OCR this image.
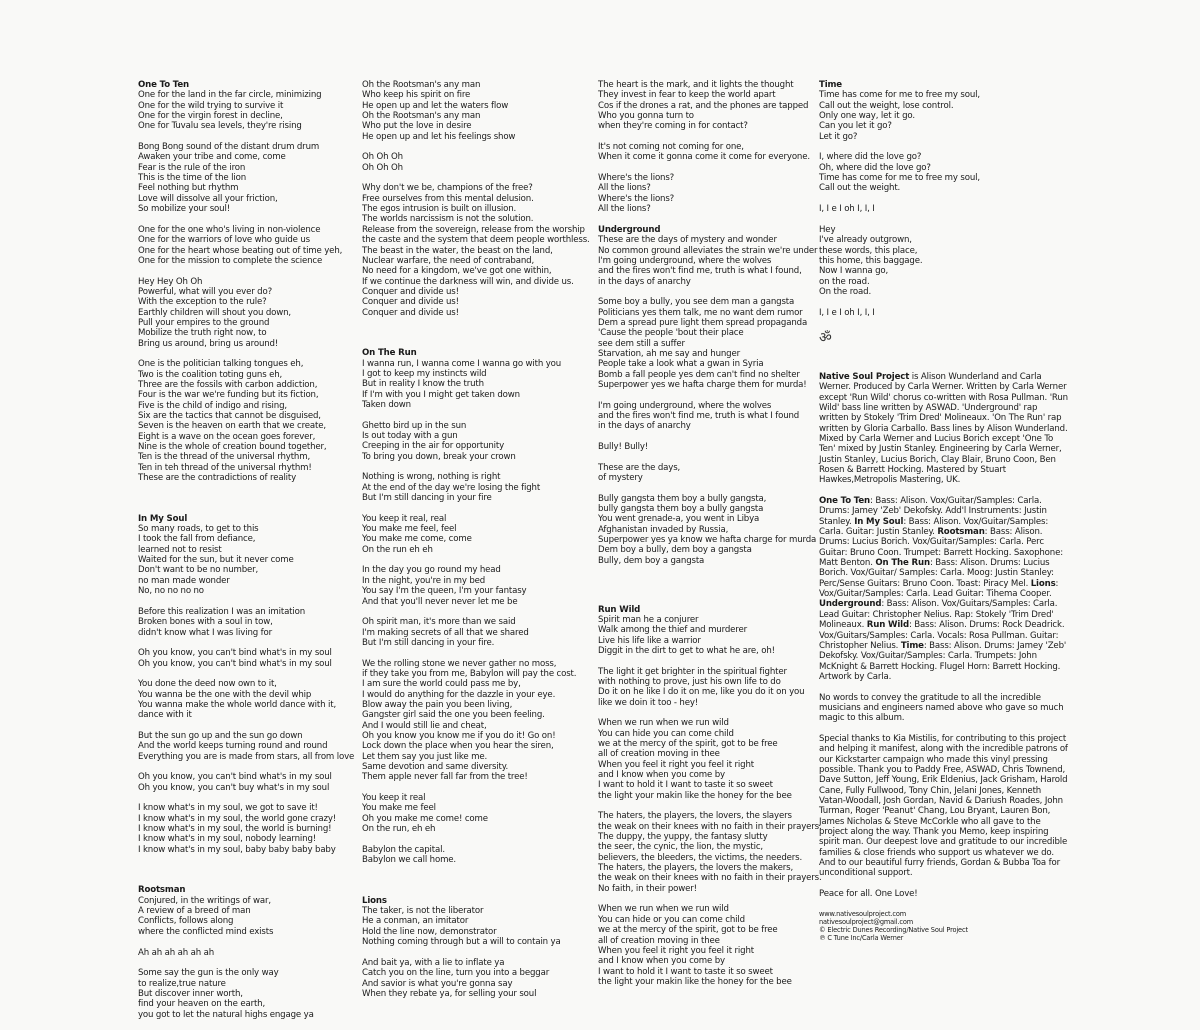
One To Ten
One for the land in the far circle, minimizing
One for the wild trying to survive it
One for the virgin forest in decline,
One for Tuvalu sea levels, they're rising
Bong Bong sound of the distant drum drum
Awaken your tribe and come, come
Fear is the rule of the iron
This is the time of the lion
Feel nothing but rhythm
Love will dissolve all your friction,
So mobilize your soul!
One for the one who's living in non-violence
One for the warriors of love who guide us
One for the heart whose beating out of time yeh,
One for the mission to complete the science
Hey Hey Oh Oh
Powerful, what will you ever do?
With the exception to the rule?
Earthly children will shout you down,
Pull your empires to the ground
Mobilize the truth right now, to
Bring us around, bring us around!
One is the politician talking tongues eh,
Two is the coalition toting guns eh,
Three are the fossils with carbon addiction,
Four is the war we're funding but its fiction,
Five is the child of indigo and rising,
Six are the tactics that cannot be disguised,
Seven is the heaven on earth that we create,
Eight is a wave on the ocean goes forever,
Nine is the whole of creation bound together,
Ten is the thread of the universal rhythm,
Ten in teh thread of the universal rhythm!
These are the contradictions of reality
In My Soul
So many roads, to get to this
I took the fall from defiance,
learned not to resist
Waited for the sun, but it never come
Don't want to be no number,
no man made wonder
No, no no no no
Before this realization I was an imitation
Broken bones with a soul in tow,
didn't know what I was living for
Oh you know, you can't bind what's in my soul
Oh you know, you can't bind what's in my soul
You done the deed now own to it,
You wanna be the one with the devil whip
You wanna make the whole world dance with it,
dance with it
But the sun go up and the sun go down
And the world keeps turning round and round
Everything you are is made from stars, all from love
Oh you know, you can't bind what's in my soul
Oh you know, you can't buy what's in my soul
I know what's in my soul, we got to save it!
I know what's in my soul, the world gone crazy!
I know what's in my soul, the world is burning!
I know what's in my soul, nobody learning!
I know what's in my soul, baby baby baby baby
Rootsman
Conjured, in the writings of war,
A review of a breed of man
Conflicts, follows along
where the conflicted mind exists
Ah ah ah ah ah ah
Some say the gun is the only way
to realize,true nature
But discover inner worth,
find your heaven on the earth,
you got to let the natural highs engage ya
Oh the Rootsman's any man
Who keep his spirit on fire
He open up and let the waters flow
Oh the Rootsman's any man
Who put the love in desire
He open up and let his feelings show
Oh Oh Oh
Oh Oh Oh
Why don't we be, champions of the free?
Free ourselves from this mental delusion.
The egos intrusion is built on illusion.
The worlds narcissism is not the solution.
Release from the sovereign, release from the worship
the caste and the system that deem people worthless.
The beast in the water, the beast on the land,
Nuclear warfare, the need of contraband,
No need for a kingdom, we've got one within,
If we continue the darkness will win, and divide us.
Conquer and divide us!
Conquer and divide us!
Conquer and divide us!
On The Run
I wanna run, I wanna come I wanna go with you
I got to keep my instincts wild
But in reality I know the truth
If I'm with you I might get taken down
Taken down
Ghetto bird up in the sun
Is out today with a gun
Creeping in the air for opportunity
To bring you down, break your crown
Nothing is wrong, nothing is right
At the end of the day we're losing the fight
But I'm still dancing in your fire
You keep it real, real
You make me feel, feel
You make me come, come
On the run eh eh
In the day you go round my head
In the night, you're in my bed
You say I'm the queen, I'm your fantasy
And that you'll never never let me be
Oh spirit man, it's more than we said
I'm making secrets of all that we shared
But I'm still dancing in your fire.
We the rolling stone we never gather no moss,
if they take you from me, Babylon will pay the cost.
I am sure the world could pass me by,
I would do anything for the dazzle in your eye.
Blow away the pain you been living,
Gangster girl said the one you been feeling.
And I would still lie and cheat,
Oh you know you know me if you do it! Go on!
Lock down the place when you hear the siren,
Let them say you just like me.
Same devotion and same diversity.
Them apple never fall far from the tree!
You keep it real
You make me feel
Oh you make me come! come
On the run, eh eh
Babylon the capital.
Babylon we call home.
Lions
The taker, is not the liberator
He a conman, an imitator
Hold the line now, demonstrator
Nothing coming through but a will to contain ya
And bait ya, with a lie to inflate ya
Catch you on the line, turn you into a beggar
And savior is what you're gonna say
When they rebate ya, for selling your soul
The heart is the mark, and it lights the thought
They invest in fear to keep the world apart
Cos if the drones a rat, and the phones are tapped
Who you gonna turn to
when they're coming in for contact?
It's not coming not coming for one,
When it come it gonna come it come for everyone.
Where's the lions?
All the lions?
Where's the lions?
All the lions?
Underground
These are the days of mystery and wonder
No common ground alleviates the strain we're under
I'm going underground, where the wolves
and the fires won't find me, truth is what I found,
in the days of anarchy
Some boy a bully, you see dem man a gangsta
Politicians yes them talk, me no want dem rumor
Dem a spread pure light them spread propaganda
'Cause the people 'bout their place
see dem still a suffer
Starvation, ah me say and hunger
People take a look what a gwan in Syria
Bomb a fall people yes dem can't find no shelter
Superpower yes we hafta charge them for murda!
I'm going underground, where the wolves
and the fires won't find me, truth is what I found
in the days of anarchy
Bully! Bully!
These are the days,
of mystery
Bully gangsta them boy a bully gangsta,
bully gangsta them boy a bully gangsta
You went grenade-a, you went in Libya
Afghanistan invaded by Russia,
Superpower yes ya know we hafta charge for murda
Dem boy a bully, dem boy a gangsta
Bully, dem boy a gangsta
Run Wild
Spirit man he a conjurer
Walk among the thief and murderer
Live his life like a warrior
Diggit in the dirt to get to what he are, oh!
The light it get brighter in the spiritual fighter
with nothing to prove, just his own life to do
Do it on he like I do it on me, like you do it on you
like we doin it too - hey!
When we run when we run wild
You can hide you can come child
we at the mercy of the spirit, got to be free
all of creation moving in thee
When you feel it right you feel it right
and I know when you come by
I want to hold it I want to taste it so sweet
the light your makin like the honey for the bee
The haters, the players, the lovers, the slayers
the weak on their knees with no faith in their prayers.
The duppy, the yuppy, the fantasy slutty
the seer, the cynic, the lion, the mystic,
believers, the bleeders, the victims, the needers.
The haters, the players, the lovers the makers,
the weak on their knees with no faith in their prayers.
No faith, in their power!
When we run when we run wild
You can hide or you can come child
we at the mercy of the spirit, got to be free
all of creation moving in thee
When you feel it right you feel it right
and I know when you come by
I want to hold it I want to taste it so sweet
the light your makin like the honey for the bee
Time
Time has come for me to free my soul,
Call out the weight, lose control.
Only one way, let it go.
Can you let it go?
Let it go?
I, where did the love go?
Oh, where did the love go?
Time has come for me to free my soul,
Call out the weight.
I, I e I oh I, I, I
Hey
I've already outgrown,
these words, this place,
this home, this baggage.
Now I wanna go,
on the road.
On the road.
I, I e I oh I, I, I
ॐ

Native Soul Project is Alison Wunderland and Carla Werner. Produced by Carla Werner. Written by Carla Werner except 'Run Wild' chorus co-written with Rosa Pullman. 'Run Wild' bass line written by ASWAD. 'Underground' rap written by Stokely 'Trim Dred' Molineaux. 'On The Run' rap written by Gloria Carballo. Bass lines by Alison Wunderland. Mixed by Carla Werner and Lucius Borich except 'One To Ten' mixed by Justin Stanley. Engineering by Carla Werner, Justin Stanley, Lucius Borich, Clay Blair, Bruno Coon, Ben Rosen & Barrett Hocking. Mastered by Stuart Hawkes,Metropolis Mastering, UK.

One To Ten: Bass: Alison. Vox/Guitar/Samples: Carla. Drums: Jamey 'Zeb' Dekofsky. Add'l Instruments: Justin Stanley. In My Soul: Bass: Alison. Vox/Guitar/Samples: Carla. Guitar: Justin Stanley. Rootsman: Bass: Alison. Drums: Lucius Borich. Vox/Guitar/Samples: Carla. Perc Guitar: Bruno Coon. Trumpet: Barrett Hocking. Saxophone: Matt Benton. On The Run: Bass: Alison. Drums: Lucius Borich. Vox/Guitar/ Samples: Carla. Moog: Justin Stanley: Perc/Sense Guitars: Bruno Coon. Toast: Piracy Mel. Lions: Vox/Guitar/Samples: Carla. Lead Guitar: Tihema Cooper. Underground: Bass: Alison. Vox/Guitars/Samples: Carla. Lead Guitar: Christopher Nelius. Rap: Stokely 'Trim Dred' Molineaux. Run Wild: Bass: Alison. Drums: Rock Deadrick. Vox/Guitars/Samples: Carla. Vocals: Rosa Pullman. Guitar: Christopher Nelius. Time: Bass: Alison. Drums: Jamey 'Zeb' Dekofsky. Vox/Guitar/Samples: Carla. Trumpets: John McKnight & Barrett Hocking. Flugel Horn: Barrett Hocking. Artwork by Carla.

No words to convey the gratitude to all the incredible musicians and engineers named above who gave so much magic to this album.

Special thanks to Kia Mistilis, for contributing to this project and helping it manifest, along with the incredible patrons of our Kickstarter campaign who made this vinyl pressing possible. Thank you to Paddy Free, ASWAD, Chris Townend, Dave Sutton, Jeff Young, Erik Eldenius, Jack Grisham, Harold Cane, Fully Fullwood, Tony Chin, Jelani Jones, Kenneth Vatan-Woodall, Josh Gordan, Navid & Dariush Roades, John Turman, Roger 'Peanut' Chang, Lou Bryant, Lauren Bon, James Nicholas & Steve McCorkle who all gave to the project along the way. Thank you Memo, keep inspiring spirit man. Our deepest love and gratitude to our incredible families & close friends who support us whatever we do. And to our beautiful furry friends, Gordan & Bubba Toa for unconditional support.

Peace for all. One Love!

www.nativesoulproject.com
nativesoulproject@gmail.com
© Electric Dunes Recording/Native Soul Project
℗ C Tune Inc/Carla Werner
